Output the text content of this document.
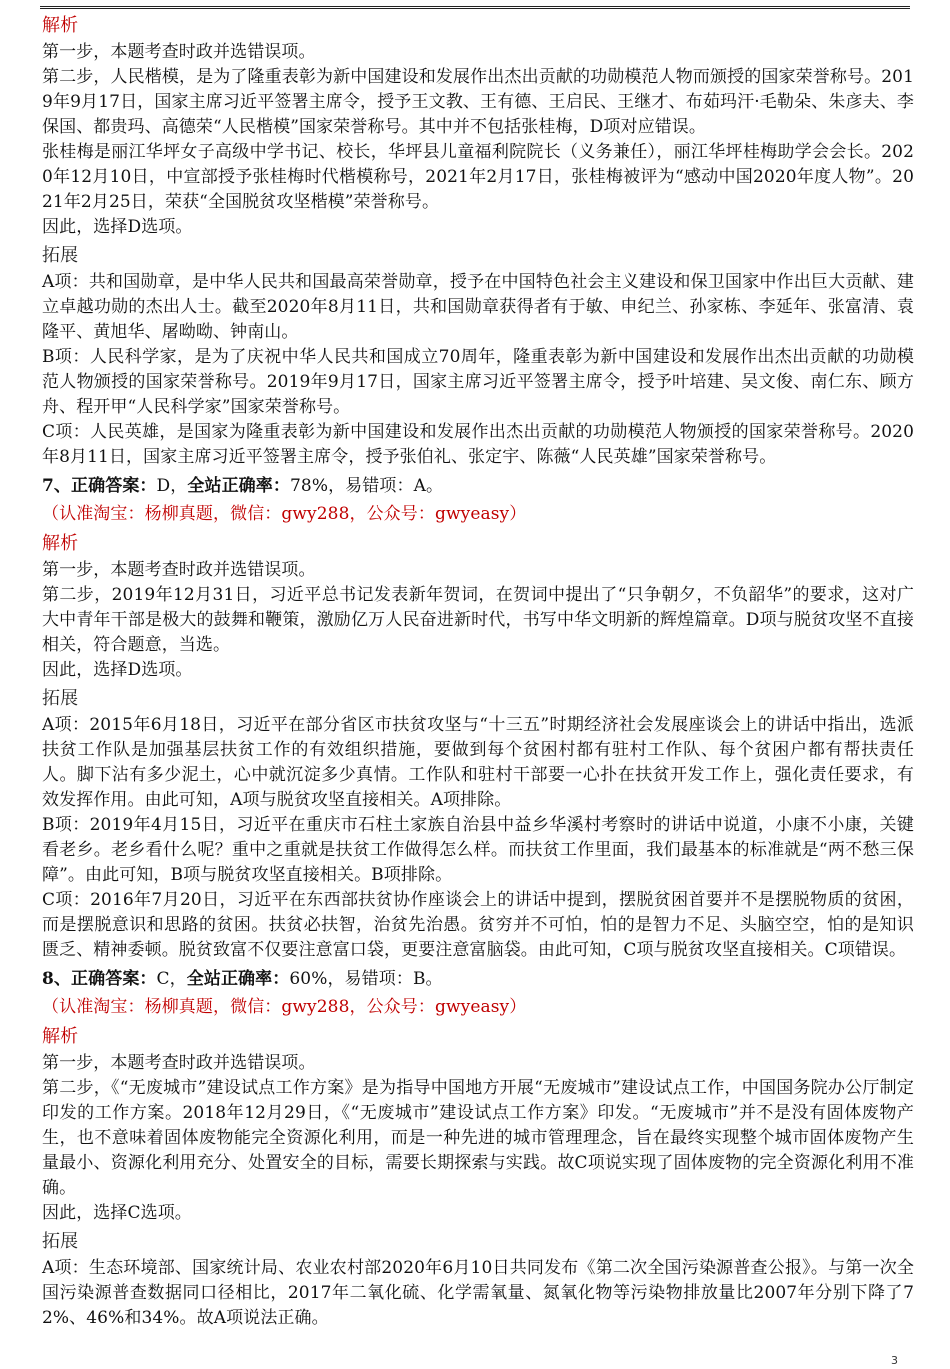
解析
第一步，本题考查时政并选错误项。
第二步，人民楷模，是为了隆重表彰为新中国建设和发展作出杰出贡献的功勋模范人物而颁授的国家荣誉称号。2019年9月17日，国家主席习近平签署主席令，授予王文教、王有德、王启民、王继才、布茹玛汗·毛勒朵、朱彦夫、李保国、都贵玛、高德荣“人民楷模”国家荣誉称号。其中并不包括张桂梅，D项对应错误。
张桂梅是丽江华坪女子高级中学书记、校长，华坪县儿童福利院院长（义务兼任），丽江华坪桂梅助学会会长。2020年12月10日，中宣部授予张桂梅时代楷模称号，2021年2月17日，张桂梅被评为“感动中国2020年度人物”。2021年2月25日，荣获“全国脱贫攻坚楷模”荣誉称号。
因此，选择D选项。
拓展
A项：共和国勋章，是中华人民共和国最高荣誉勋章，授予在中国特色社会主义建设和保卫国家中作出巨大贡献、建立卓越功勋的杰出人士。截至2020年8月11日，共和国勋章获得者有于敏、申纪兰、孙家栋、李延年、张富清、袁隆平、黄旭华、屠呦呦、钟南山。
B项：人民科学家，是为了庆祝中华人民共和国成立70周年，隆重表彰为新中国建设和发展作出杰出贡献的功勋模范人物颁授的国家荣誉称号。2019年9月17日，国家主席习近平签署主席令，授予叶培建、吴文俊、南仁东、顾方舟、程开甲“人民科学家”国家荣誉称号。
C项：人民英雄，是国家为隆重表彰为新中国建设和发展作出杰出贡献的功勋模范人物颁授的国家荣誉称号。2020年8月11日，国家主席习近平签署主席令，授予张伯礼、张定宇、陈薇“人民英雄”国家荣誉称号。
7、正确答案：D，全站正确率：78%，易错项：A。（认准淘宝：杨柳真题，微信：gwy288，公众号：gwyeasy）
解析
第一步，本题考查时政并选错误项。
第二步，2019年12月31日，习近平总书记发表新年贺词，在贺词中提出了“只争朝夕，不负韶华”的要求，这对广大中青年干部是极大的鼓舞和鞭策，激励亿万人民奋进新时代，书写中华文明新的辉煌篇章。D项与脱贫攻坚不直接相关，符合题意，当选。
因此，选择D选项。
拓展
A项：2015年6月18日，习近平在部分省区市扶贫攻坚与“十三五”时期经济社会发展座谈会上的讲话中指出，选派扶贫工作队是加强基层扶贫工作的有效组织措施，要做到每个贫困村都有驻村工作队、每个贫困户都有帮扶责任人。脚下沾有多少泥土，心中就沉淀多少真情。工作队和驻村干部要一心扑在扶贫开发工作上，强化责任要求，有效发挥作用。由此可知，A项与脱贫攻坚直接相关。A项排除。
B项：2019年4月15日，习近平在重庆市石柱土家族自治县中益乡华溪村考察时的讲话中说道，小康不小康，关键看老乡。老乡看什么呢？重中之重就是扶贫工作做得怎么样。而扶贫工作里面，我们最基本的标准就是“两不愁三保障”。由此可知，B项与脱贫攻坚直接相关。B项排除。
C项：2016年7月20日，习近平在东西部扶贫协作座谈会上的讲话中提到，摆脱贫困首要并不是摆脱物质的贫困，而是摆脱意识和思路的贫困。扶贫必扶智，治贫先治愚。贫穷并不可怕，怕的是智力不足、头脑空空，怕的是知识匮乏、精神委顿。脱贫致富不仅要注意富口袋，更要注意富脑袋。由此可知，C项与脱贫攻坚直接相关。C项错误。
8、正确答案：C，全站正确率：60%，易错项：B。（认准淘宝：杨柳真题，微信：gwy288，公众号：gwyeasy）
解析
第一步，本题考查时政并选错误项。
第二步，《“无废城市”建设试点工作方案》是为指导中国地方开展“无废城市”建设试点工作，中国国务院办公厅制定印发的工作方案。2018年12月29日，《“无废城市”建设试点工作方案》印发。“无废城市”并不是没有固体废物产生，也不意味着固体废物能完全资源化利用，而是一种先进的城市管理理念，旨在最终实现整个城市固体废物产生量最小、资源化利用充分、处置安全的目标，需要长期探索与实践。故C项说实现了固体废物的完全资源化利用不准确。
因此，选择C选项。
拓展
A项：生态环境部、国家统计局、农业农村部2020年6月10日共同发布《第二次全国污染源普查公报》。与第一次全国污染源普查数据同口径相比，2017年二氧化硫、化学需氧量、氮氧化物等污染物排放量比2007年分别下降了72%、46%和34%。故A项说法正确。
3
